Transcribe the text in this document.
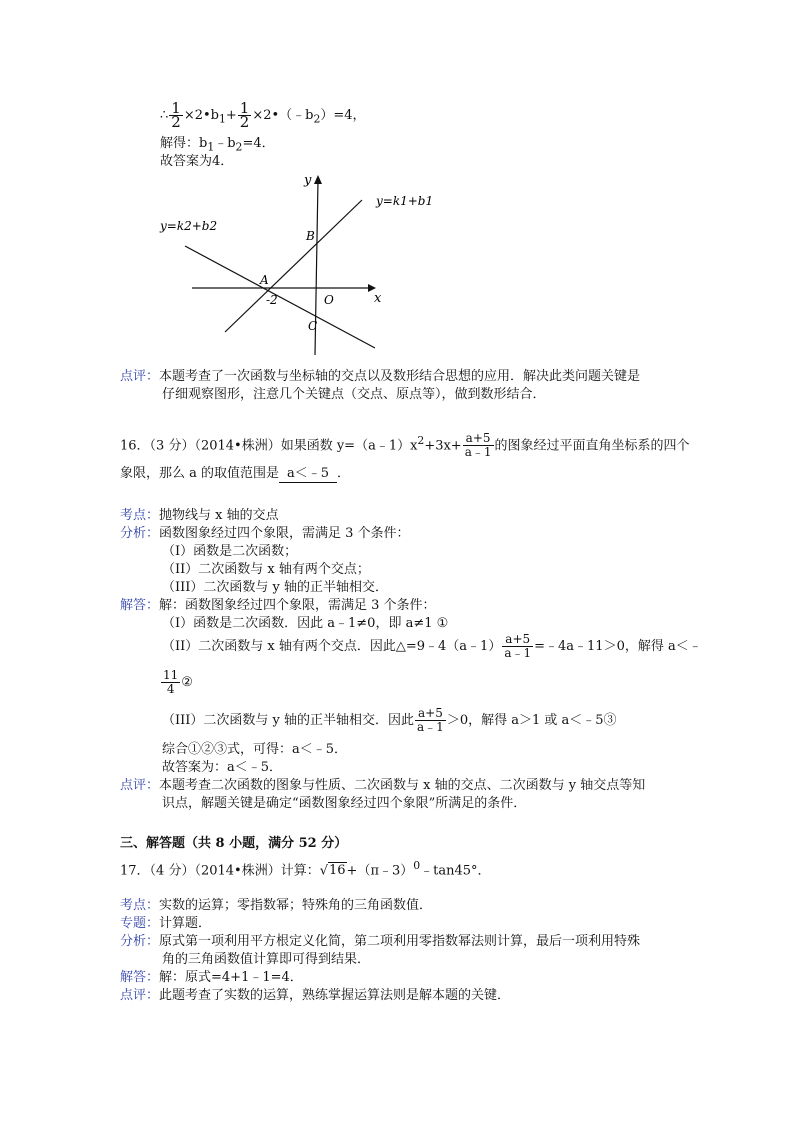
∴ $\frac{1}{2}$ $\times 2•b_1+ \frac{1}{2}$ $\times 2•(﹣b_2)=4$，
解得：$b_1﹣b_2=4$．
故答案为4．
y
x
y=k1+b1
y=k2+b2
A
B
C
O
-2
点评：本题考查了一次函数与坐标轴的交点以及数形结合思想的应用．解决此类问题关键是
仔细观察图形，注意几个关键点（交点、原点等），做到数形结合．
16．（3 分）（2014•株洲）如果函数 $y=(a﹣1)x^2+3x+ \frac{a+5}{a﹣1}$ 的图象经过平面直角坐标系的四个
象限，那么 a 的取值范围是 a＜﹣5 ．
考点：抛物线与 x 轴的交点
分析：函数图象经过四个象限，需满足 3 个条件：
（I）函数是二次函数；
（II）二次函数与 x 轴有两个交点；
（III）二次函数与 y 轴的正半轴相交．
解答：解：函数图象经过四个象限，需满足 3 个条件：
（I）函数是二次函数．因此 a﹣1≠0，即 a≠1 ①
（II）二次函数与 x 轴有两个交点．因此△=9﹣4（a﹣1） $\frac{a+5}{a﹣1}$ =﹣4a﹣11＞0，解得 a＜﹣
$\frac{11}{4}$ ②
（III）二次函数与 y 轴的正半轴相交．因此 $\frac{a+5}{a﹣1} >0$，解得 a＞1 或 a＜﹣5③
综合①②③式，可得：a＜﹣5．
故答案为：a＜﹣5．
点评：本题考查二次函数的图象与性质、二次函数与 x 轴的交点、二次函数与 y 轴交点等知
识点，解题关键是确定“函数图象经过四个象限”所满足的条件．
三、解答题（共 8 小题，满分 52 分）
17．（4 分）（2014•株洲）计算：√16+（π﹣3）$^0$﹣tan45°．
考点：实数的运算；零指数幂；特殊角的三角函数值．
专题：计算题．
分析：原式第一项利用平方根定义化简，第二项利用零指数幂法则计算，最后一项利用特殊
角的三角函数值计算即可得到结果．
解答：解：原式=4+1﹣1=4．
点评：此题考查了实数的运算，熟练掌握运算法则是解本题的关键．
